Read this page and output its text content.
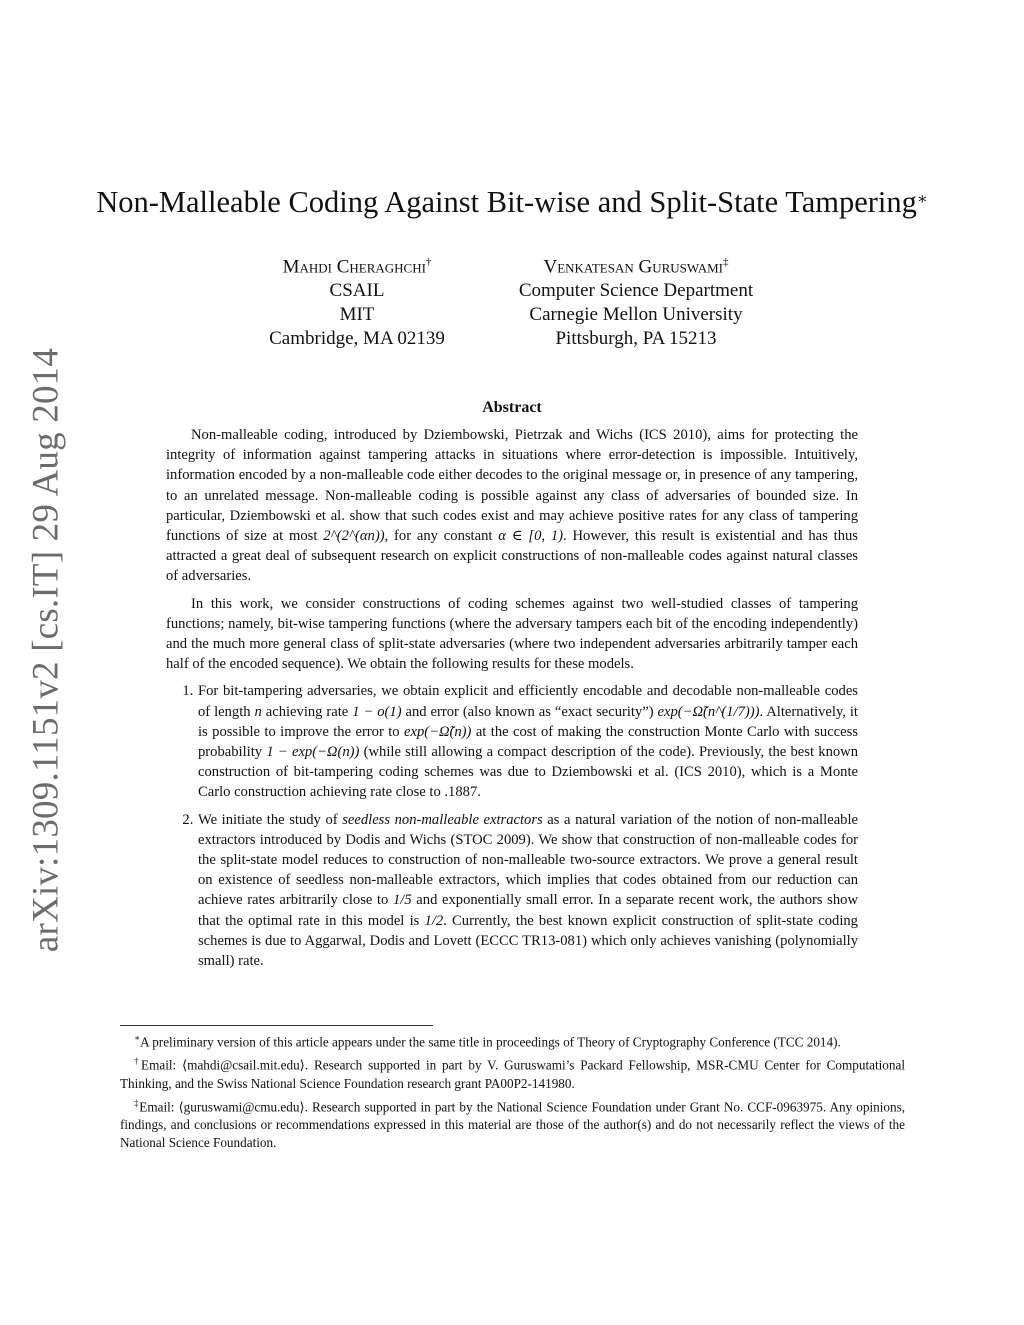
arXiv:1309.1151v2 [cs.IT] 29 Aug 2014
Non-Malleable Coding Against Bit-wise and Split-State Tampering∗
Mahdi Cheraghchi†
CSAIL
MIT
Cambridge, MA 02139
Venkatesan Guruswami‡
Computer Science Department
Carnegie Mellon University
Pittsburgh, PA 15213
Abstract

Non-malleable coding, introduced by Dziembowski, Pietrzak and Wichs (ICS 2010), aims for protecting the integrity of information against tampering attacks in situations where error-detection is impossible. Intuitively, information encoded by a non-malleable code either decodes to the original message or, in presence of any tampering, to an unrelated message. Non-malleable coding is possible against any class of adversaries of bounded size. In particular, Dziembowski et al. show that such codes exist and may achieve positive rates for any class of tampering functions of size at most 2^(2^(αn)), for any constant α ∈ [0, 1). However, this result is existential and has thus attracted a great deal of subsequent research on explicit constructions of non-malleable codes against natural classes of adversaries.

In this work, we consider constructions of coding schemes against two well-studied classes of tampering functions; namely, bit-wise tampering functions (where the adversary tampers each bit of the encoding independently) and the much more general class of split-state adversaries (where two independent adversaries arbitrarily tamper each half of the encoded sequence). We obtain the following results for these models.

1. For bit-tampering adversaries, we obtain explicit and efficiently encodable and decodable non-malleable codes of length n achieving rate 1 − o(1) and error (also known as “exact security”) exp(−Ω̃(n^(1/7))). Alternatively, it is possible to improve the error to exp(−Ω̃(n)) at the cost of making the construction Monte Carlo with success probability 1 − exp(−Ω(n)) (while still allowing a compact description of the code). Previously, the best known construction of bit-tampering coding schemes was due to Dziembowski et al. (ICS 2010), which is a Monte Carlo construction achieving rate close to .1887.
2. We initiate the study of seedless non-malleable extractors as a natural variation of the notion of non-malleable extractors introduced by Dodis and Wichs (STOC 2009). We show that construction of non-malleable codes for the split-state model reduces to construction of non-malleable two-source extractors. We prove a general result on existence of seedless non-malleable extractors, which implies that codes obtained from our reduction can achieve rates arbitrarily close to 1/5 and exponentially small error. In a separate recent work, the authors show that the optimal rate in this model is 1/2. Currently, the best known explicit construction of split-state coding schemes is due to Aggarwal, Dodis and Lovett (ECCC TR13-081) which only achieves vanishing (polynomially small) rate.
∗A preliminary version of this article appears under the same title in proceedings of Theory of Cryptography Conference (TCC 2014).
†Email: ⟨mahdi@csail.mit.edu⟩. Research supported in part by V. Guruswami’s Packard Fellowship, MSR-CMU Center for Computational Thinking, and the Swiss National Science Foundation research grant PA00P2-141980.
‡Email: ⟨guruswami@cmu.edu⟩. Research supported in part by the National Science Foundation under Grant No. CCF-0963975. Any opinions, findings, and conclusions or recommendations expressed in this material are those of the author(s) and do not necessarily reflect the views of the National Science Foundation.
